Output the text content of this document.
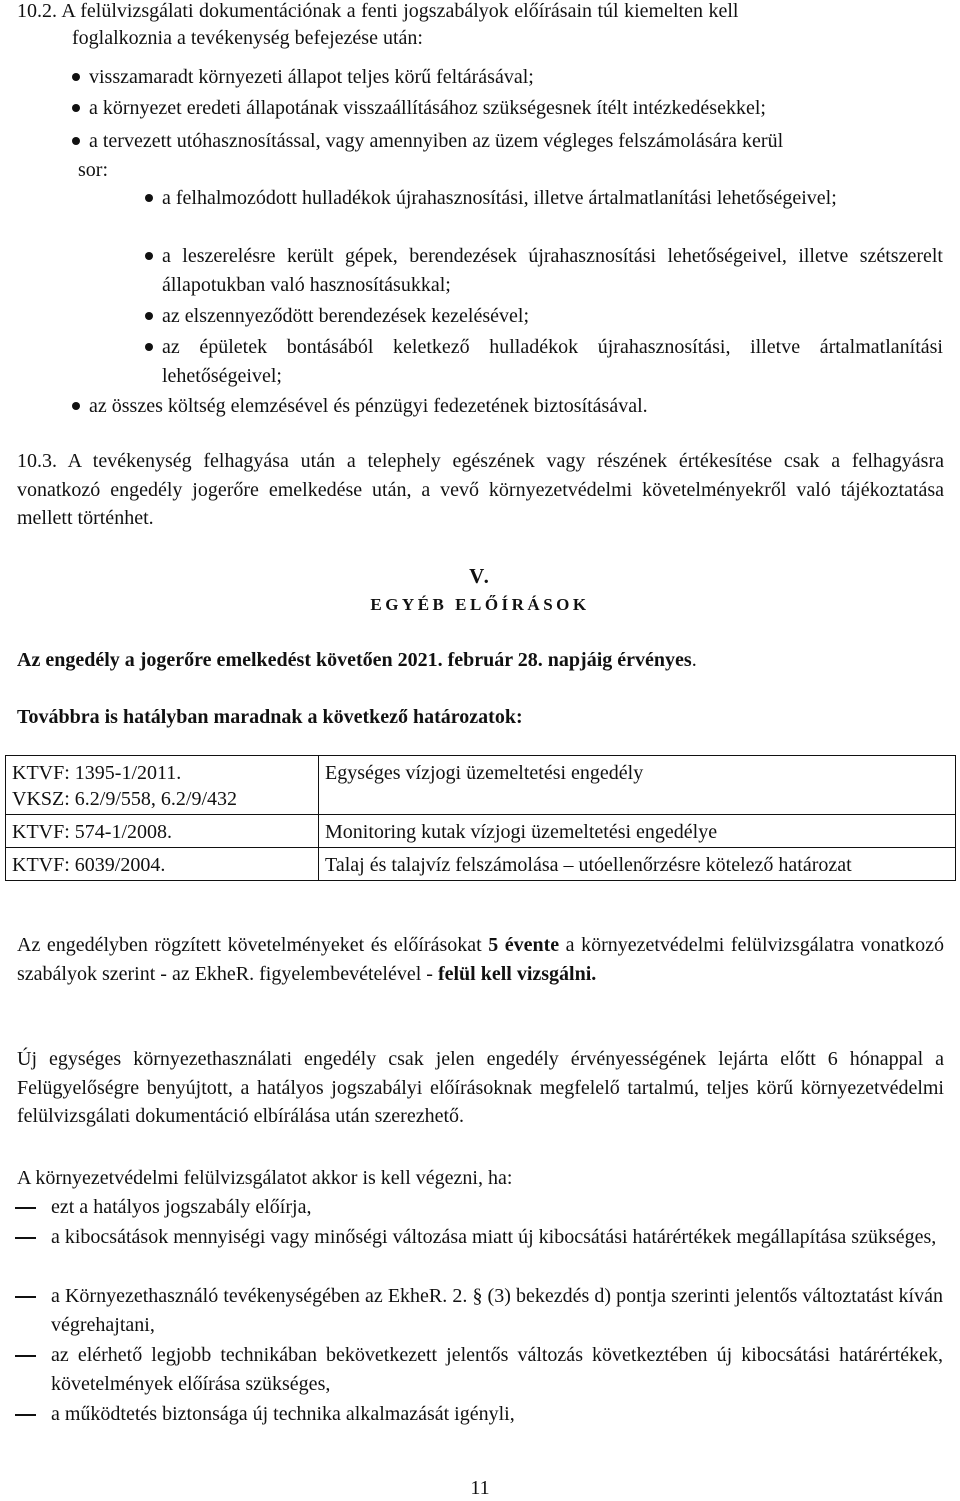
10.2. A felülvizsgálati dokumentációnak a fenti jogszabályok előírásain túl kiemelten kell
foglalkoznia a tevékenység befejezése után:
visszamaradt környezeti állapot teljes körű feltárásával;
a környezet eredeti állapotának visszaállításához szükségesnek ítélt intézkedésekkel;
a tervezett utóhasznosítással, vagy amennyiben az üzem végleges felszámolására kerül
sor:
a felhalmozódott hulladékok újrahasznosítási, illetve ártalmatlanítási lehetőségeivel;
a leszerelésre került gépek, berendezések újrahasznosítási lehetőségeivel, illetve szétszerelt állapotukban való hasznosításukkal;
az elszennyeződött berendezések kezelésével;
az épületek bontásából keletkező hulladékok újrahasznosítási, illetve ártalmatlanítási lehetőségeivel;
az összes költség elemzésével és pénzügyi fedezetének biztosításával.
10.3. A tevékenység felhagyása után a telephely egészének vagy részének értékesítése csak a felhagyásra vonatkozó engedély jogerőre emelkedése után, a vevő környezetvédelmi követelményekről való tájékoztatása mellett történhet.
V.
EGYÉB ELŐÍRÁSOK
Az engedély a jogerőre emelkedést követően 2021. február 28. napjáig érvényes.
Továbbra is hatályban maradnak a következő határozatok:
KTVF: 1395-1/2011.
VKSZ: 6.2/9/558, 6.2/9/432	Egységes vízjogi üzemeltetési engedély
KTVF: 574-1/2008.	Monitoring kutak vízjogi üzemeltetési engedélye
KTVF: 6039/2004.	Talaj és talajvíz felszámolása – utóellenőrzésre kötelező határozat
Az engedélyben rögzített követelményeket és előírásokat 5 évente a környezetvédelmi felülvizsgálatra vonatkozó szabályok szerint - az EkheR. figyelembevételével - felül kell vizsgálni.
Új egységes környezethasználati engedély csak jelen engedély érvényességének lejárta előtt 6 hónappal a Felügyelőségre benyújtott, a hatályos jogszabályi előírásoknak megfelelő tartalmú, teljes körű környezetvédelmi felülvizsgálati dokumentáció elbírálása után szerezhető.
A környezetvédelmi felülvizsgálatot akkor is kell végezni, ha:
ezt a hatályos jogszabály előírja,
a kibocsátások mennyiségi vagy minőségi változása miatt új kibocsátási határértékek megállapítása szükséges,
a Környezethasználó tevékenységében az EkheR. 2. § (3) bekezdés d) pontja szerinti jelentős változtatást kíván végrehajtani,
az elérhető legjobb technikában bekövetkezett jelentős változás következtében új kibocsátási határértékek, követelmények előírása szükséges,
a működtetés biztonsága új technika alkalmazását igényli,
11
